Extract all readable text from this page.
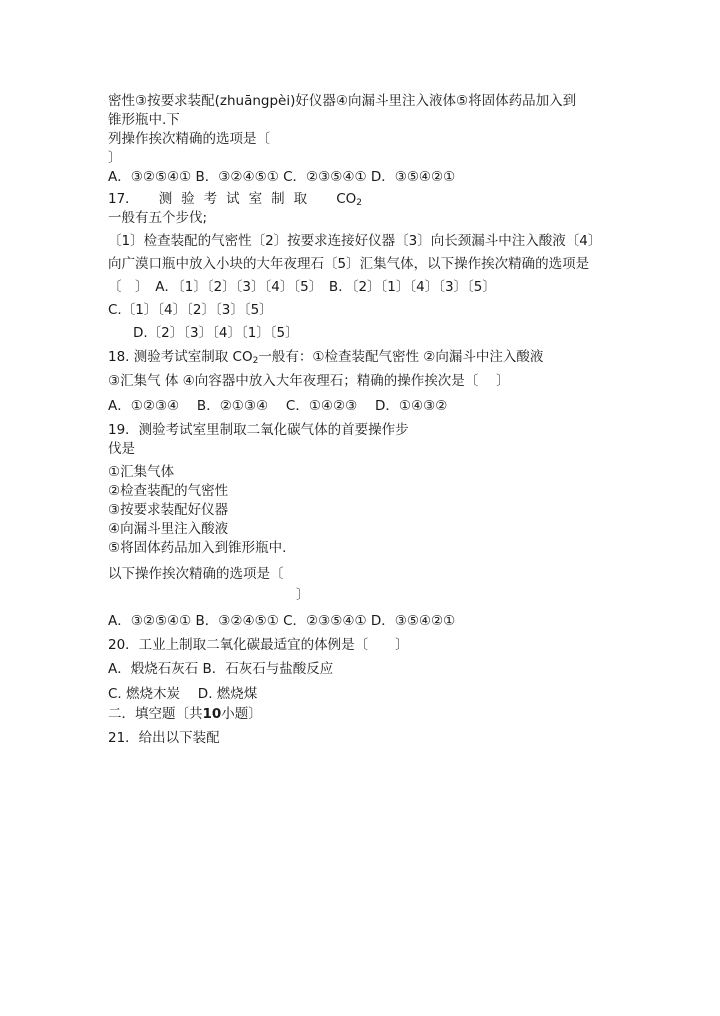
密性③按要求装配(zhuāngpèi)好仪器④向漏斗里注入液体⑤将固体药品加入到
锥形瓶中.下
列操作挨次精确的选项是〔
〕
A．③②⑤④① B．③②④⑤① C．②③⑤④① D．③⑤④②①
17． 测验考试室制取 $CO_2$
一般有五个步伐;
〔1〕检查装配的气密性〔2〕按要求连接好仪器〔3〕向长颈漏斗中注入酸液〔4〕
向广漠口瓶中放入小块的大年夜理石〔5〕汇集气体，以下操作挨次精确的选项是
〔　〕　A．〔1〕〔2〕〔3〕〔4〕〔5〕　B．〔2〕〔1〕〔4〕〔3〕〔5〕
C.〔1〕〔4〕〔2〕〔3〕〔5〕
D.〔2〕〔3〕〔4〕〔1〕〔5〕
18. 测验考试室制取 $CO_2$一般有：①检查装配气密性 ②向漏斗中注入酸液
③汇集气 体 ④向容器中放入大年夜理石；精确的操作挨次是〔　 〕
A．①②③④　 B．②①③④　 C．①④②③　 D．①④③②
19．测验考试室里制取二氧化碳气体的首要操作步
伐是
①汇集气体
②检查装配的气密性
③按要求装配好仪器
④向漏斗里注入酸液
⑤将固体药品加入到锥形瓶中.
以下操作挨次精确的选项是〔
〕
A．③②⑤④① B．③②④⑤① C．②③⑤④① D．③⑤④②①
20．工业上制取二氧化碳最适宜的体例是〔　　〕
A．煅烧石灰石 B．石灰石与盐酸反应
C. 燃烧木炭　 D. 燃烧煤
二．填空题〔共10小题〕
21．给出以下装配
